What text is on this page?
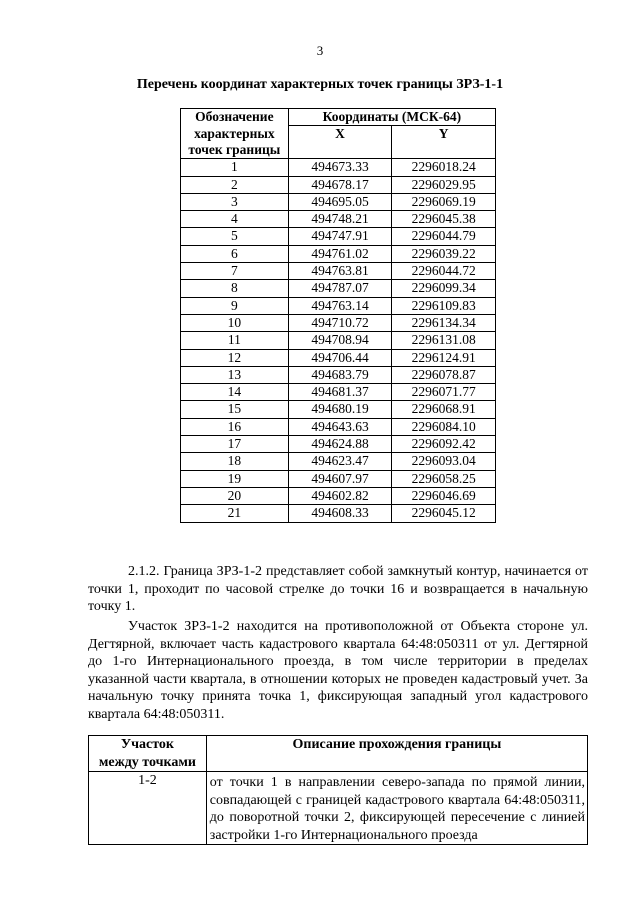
3
Перечень координат характерных точек границы ЗРЗ-1-1
Обозначение
характерных
точек границы	Координаты (МСК-64)	
	X	Y
1	494673.33	2296018.24
2	494678.17	2296029.95
3	494695.05	2296069.19
4	494748.21	2296045.38
5	494747.91	2296044.79
6	494761.02	2296039.22
7	494763.81	2296044.72
8	494787.07	2296099.34
9	494763.14	2296109.83
10	494710.72	2296134.34
11	494708.94	2296131.08
12	494706.44	2296124.91
13	494683.79	2296078.87
14	494681.37	2296071.77
15	494680.19	2296068.91
16	494643.63	2296084.10
17	494624.88	2296092.42
18	494623.47	2296093.04
19	494607.97	2296058.25
20	494602.82	2296046.69
21	494608.33	2296045.12
2.1.2. Граница ЗРЗ-1-2 представляет собой замкнутый контур, начинается от точки 1, проходит по часовой стрелке до точки 16 и возвращается в начальную точку 1.
Участок ЗРЗ-1-2 находится на противоположной от Объекта стороне ул. Дегтярной, включает часть кадастрового квартала 64:48:050311 от ул. Дегтярной до 1-го Интернационального проезда, в том числе территории в пределах указанной части квартала, в отношении которых не проведен кадастровый учет. За начальную точку принята точка 1, фиксирующая западный угол кадастрового квартала 64:48:050311.
Участок
между точками	Описание прохождения границы
1-2	от точки 1 в направлении северо-запада по прямой линии, совпадающей с границей кадастрового квартала 64:48:050311, до поворотной точки 2, фиксирующей пересечение с линией застройки 1-го Интернационального проезда
